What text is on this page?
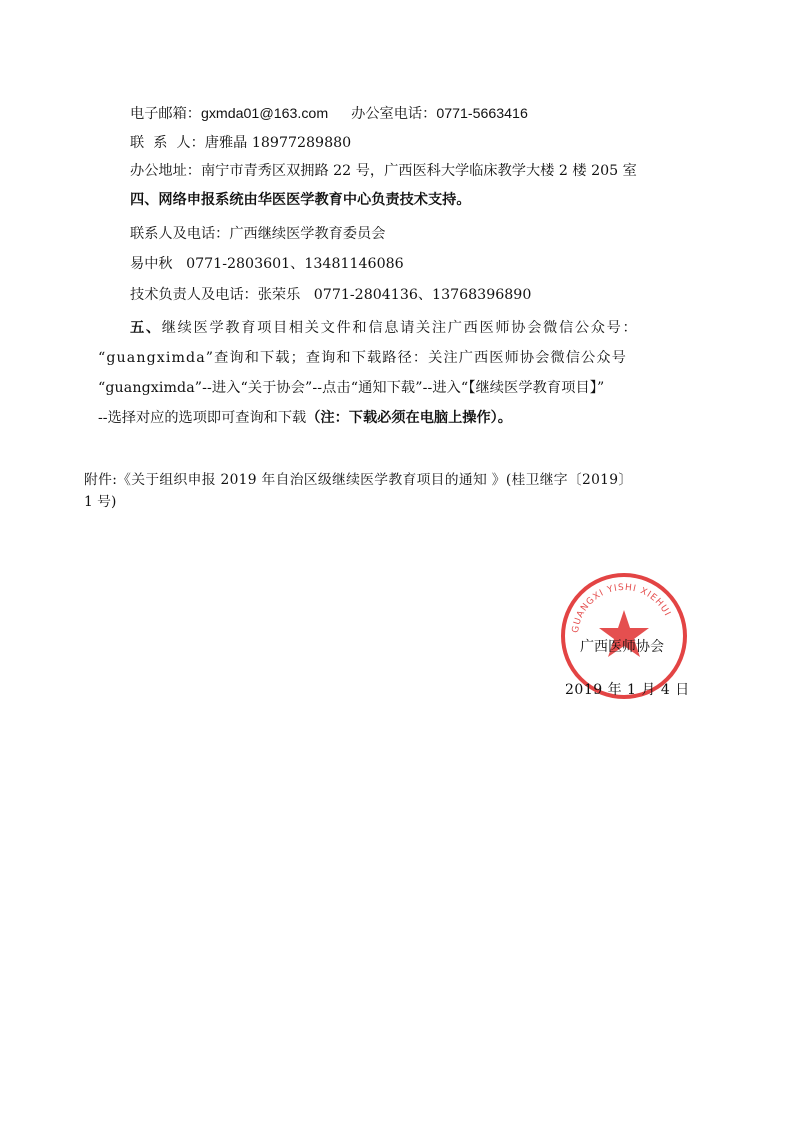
电子邮箱：gxmda01@163.com 办公室电话：0771-5663416
联  系  人：唐雅晶 18977289880
办公地址：南宁市青秀区双拥路 22 号，广西医科大学临床教学大楼 2 楼 205 室
四、网络申报系统由华医医学教育中心负责技术支持。
联系人及电话：广西继续医学教育委员会
易中秋   0771-2803601、13481146086
技术负责人及电话：张荣乐   0771-2804136、13768396890
五、继续医学教育项目相关文件和信息请关注广西医师协会微信公众号：
“guangximda”查询和下载；查询和下载路径：关注广西医师协会微信公众号
“guangximda”--进入“关于协会”--点击“通知下载”--进入“【继续医学教育项目】”
--选择对应的选项即可查询和下载（注：下载必须在电脑上操作）。
附件:《关于组织申报 2019 年自治区级继续医学教育项目的通知 》(桂卫继字〔2019〕
1 号)
GUANGXI YISHI XIEHUI
广西医师协会
2019 年 1 月 4 日
